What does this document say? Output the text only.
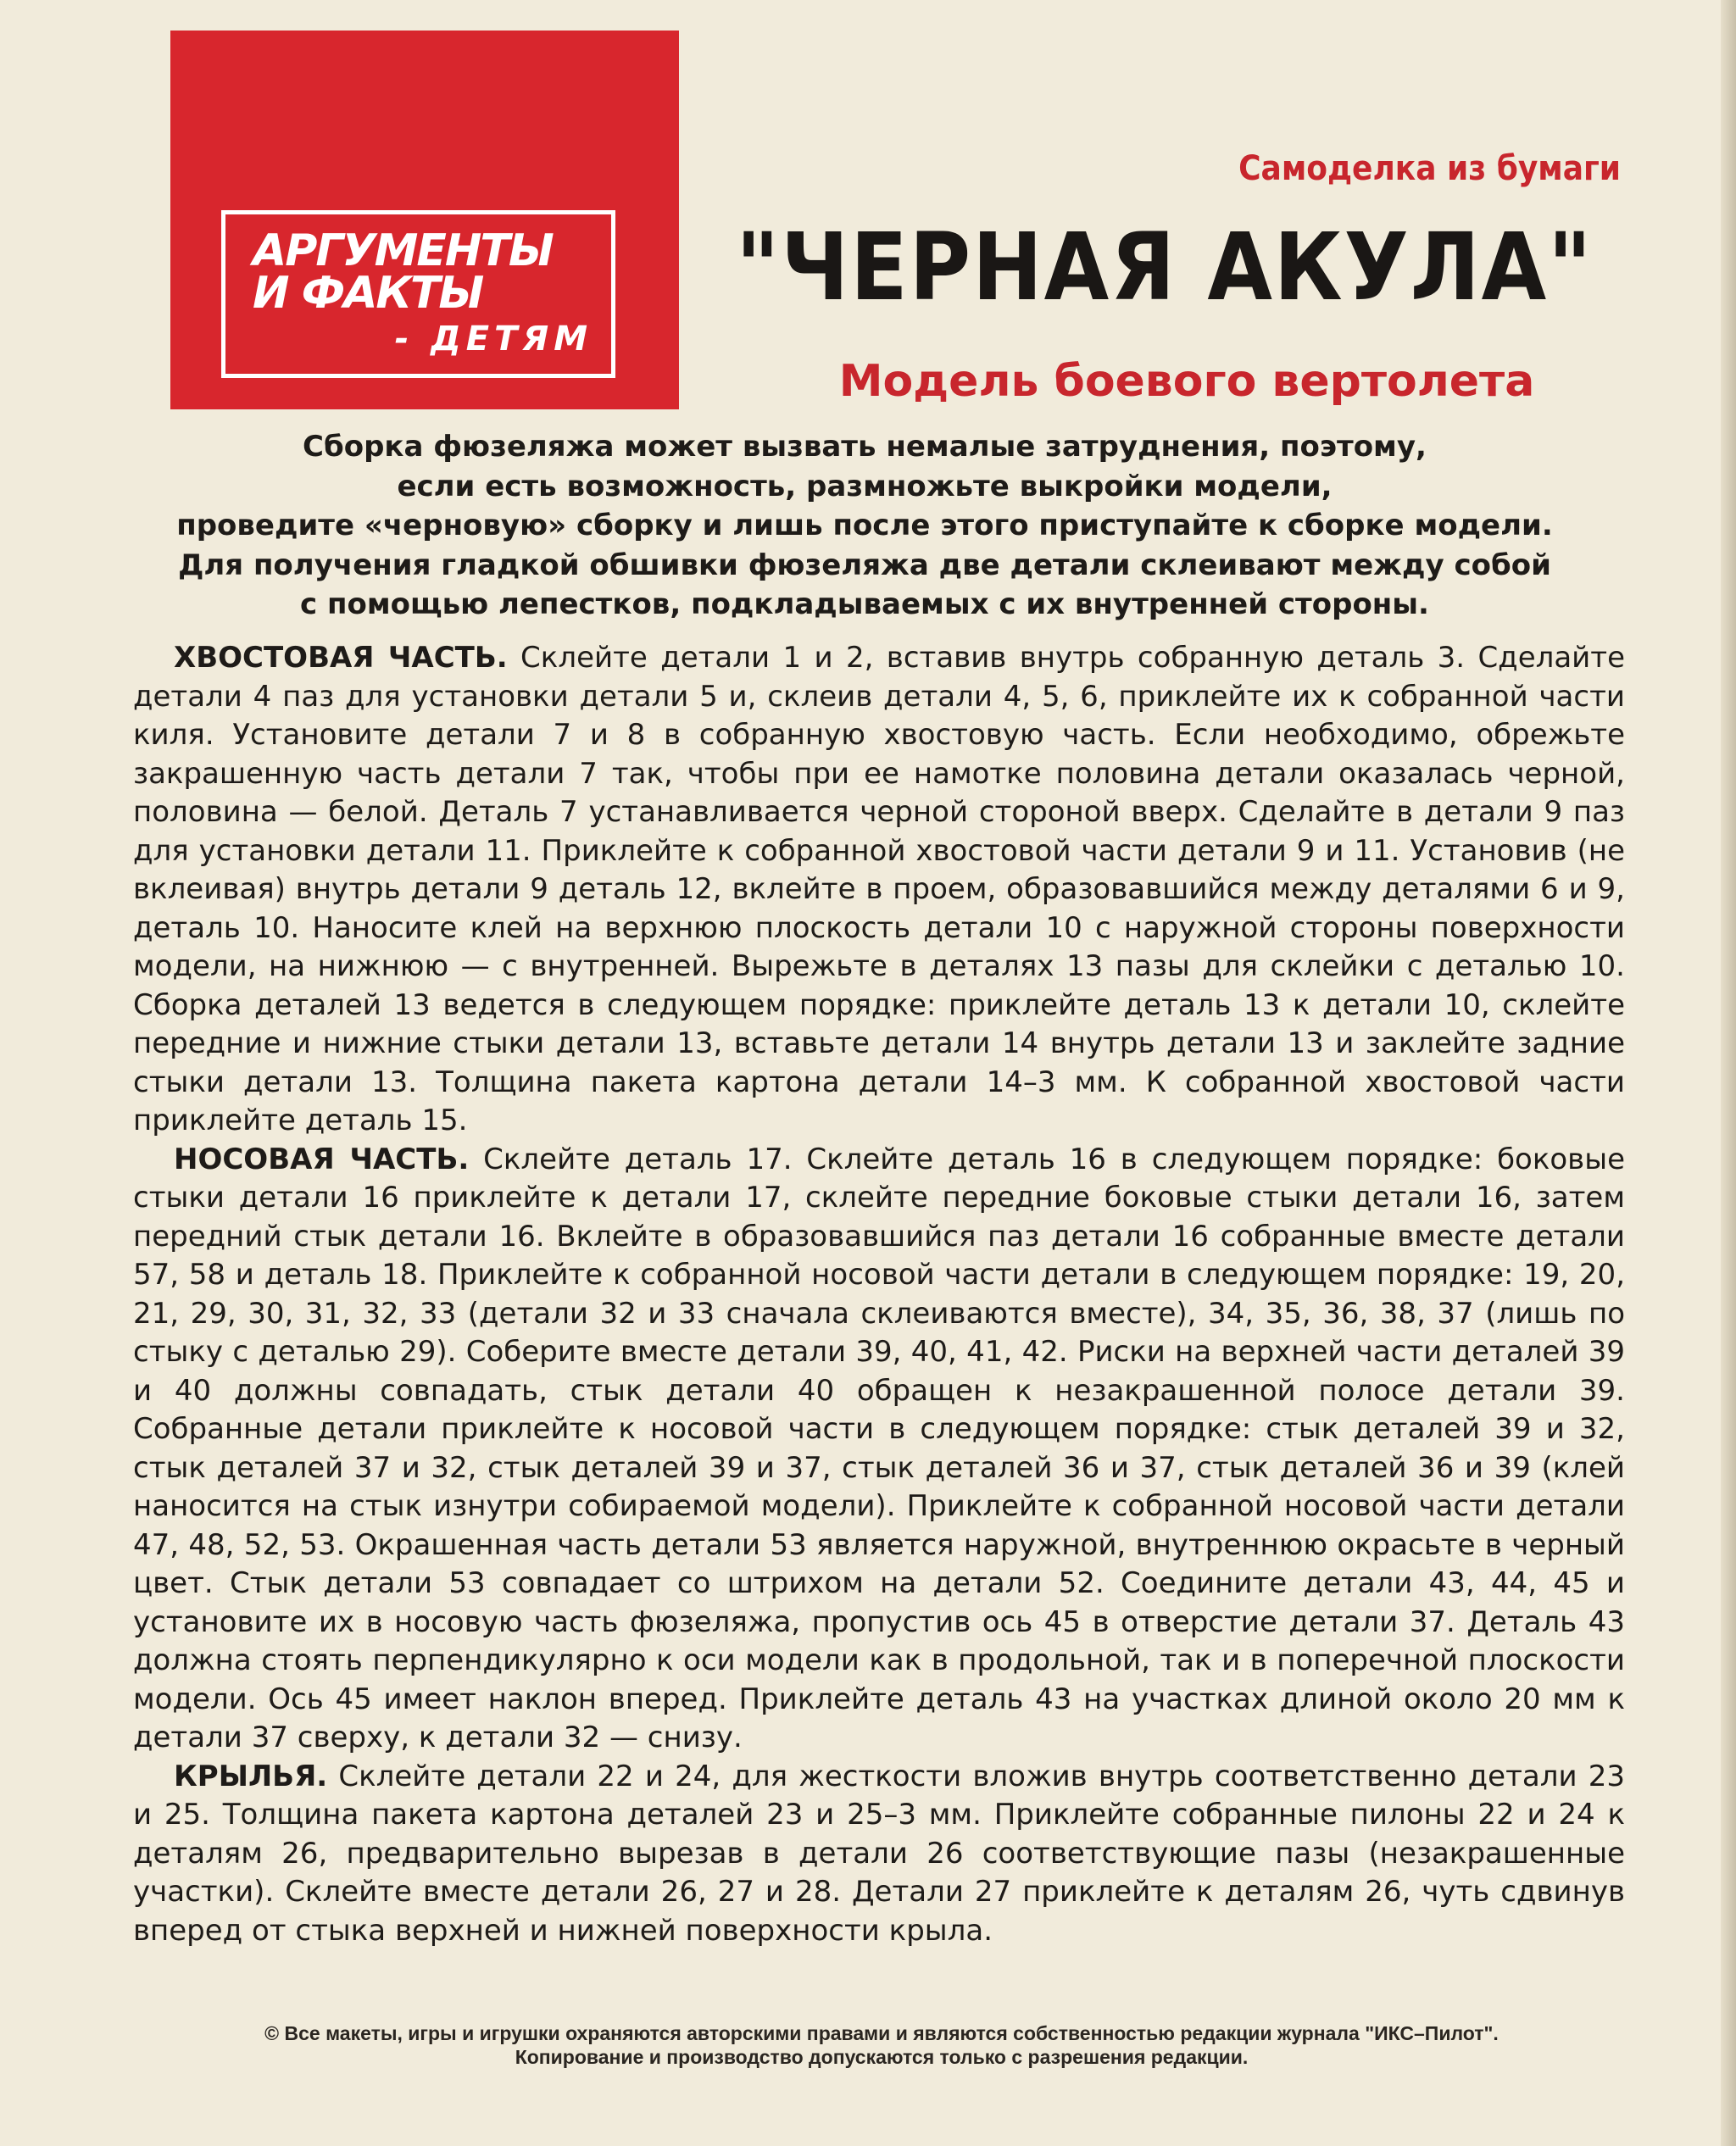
АРГУМЕНТЫ
И ФАКТЫ
- ДЕТЯМ
Самоделка из бумаги
"ЧЕРНАЯ АКУЛА"
Модель боевого вертолета
Сборка фюзеляжа может вызвать немалые затруднения, поэтому,
если есть возможность, размножьте выкройки модели,
проведите «черновую» сборку и лишь после этого приступайте к сборке модели.
Для получения гладкой обшивки фюзеляжа две детали склеивают между собой
с помощью лепестков, подкладываемых с их внутренней стороны.

ХВОСТОВАЯ ЧАСТЬ. Склейте детали 1 и 2, вставив внутрь собранную деталь 3. Сделайте детали 4 паз для установки детали 5 и, склеив детали 4, 5, 6, приклейте их к собранной части киля. Установите детали 7 и 8 в собранную хвостовую часть. Если необходимо, обрежьте закрашенную часть детали 7 так, чтобы при ее намотке половина детали оказалась черной, половина — белой. Деталь 7 устанавливается черной стороной вверх. Сделайте в детали 9 паз для установки детали 11. Приклейте к собранной хвостовой части детали 9 и 11. Установив (не вклеивая) внутрь детали 9 деталь 12, вклейте в проем, образовавшийся между деталями 6 и 9, деталь 10. Наносите клей на верхнюю плоскость детали 10 с наружной стороны поверхности модели, на нижнюю — с внутренней. Вырежьте в деталях 13 пазы для склейки с деталью 10. Сборка деталей 13 ведется в следующем порядке: приклейте деталь 13 к детали 10, склейте передние и нижние стыки детали 13, вставьте детали 14 внутрь детали 13 и заклейте задние стыки детали 13. Толщина пакета картона детали 14–3 мм. К собранной хвостовой части приклейте деталь 15.

НОСОВАЯ ЧАСТЬ. Склейте деталь 17. Склейте деталь 16 в следующем порядке: боковые стыки детали 16 приклейте к детали 17, склейте передние боковые стыки детали 16, затем передний стык детали 16. Вклейте в образовавшийся паз детали 16 собранные вместе детали 57, 58 и деталь 18. Приклейте к собранной носовой части детали в следующем порядке: 19, 20, 21, 29, 30, 31, 32, 33 (детали 32 и 33 сначала склеиваются вместе), 34, 35, 36, 38, 37 (лишь по стыку с деталью 29). Соберите вместе детали 39, 40, 41, 42. Риски на верхней части деталей 39 и 40 должны совпадать, стык детали 40 обращен к незакрашенной полосе детали 39. Собранные детали приклейте к носовой части в следующем порядке: стык деталей 39 и 32, стык деталей 37 и 32, стык деталей 39 и 37, стык деталей 36 и 37, стык деталей 36 и 39 (клей наносится на стык изнутри собираемой модели). Приклейте к собранной носовой части детали 47, 48, 52, 53. Окрашенная часть детали 53 является наружной, внутреннюю окрасьте в черный цвет. Стык детали 53 совпадает со штрихом на детали 52. Соедините детали 43, 44, 45 и установите их в носовую часть фюзеляжа, пропустив ось 45 в отверстие детали 37. Деталь 43 должна стоять перпендикулярно к оси модели как в продольной, так и в поперечной плоскости модели. Ось 45 имеет наклон вперед. Приклейте деталь 43 на участках длиной около 20 мм к детали 37 сверху, к детали 32 — снизу.

КРЫЛЬЯ. Склейте детали 22 и 24, для жесткости вложив внутрь соответственно детали 23 и 25. Толщина пакета картона деталей 23 и 25–3 мм. Приклейте собранные пилоны 22 и 24 к деталям 26, предварительно вырезав в детали 26 соответствующие пазы (незакрашенные участки). Склейте вместе детали 26, 27 и 28. Детали 27 приклейте к деталям 26, чуть сдвинув вперед от стыка верхней и нижней поверхности крыла.

© Все макеты, игры и игрушки охраняются авторскими правами и являются собственностью редакции журнала "ИКС–Пилот".
Копирование и производство допускаются только с разрешения редакции.
